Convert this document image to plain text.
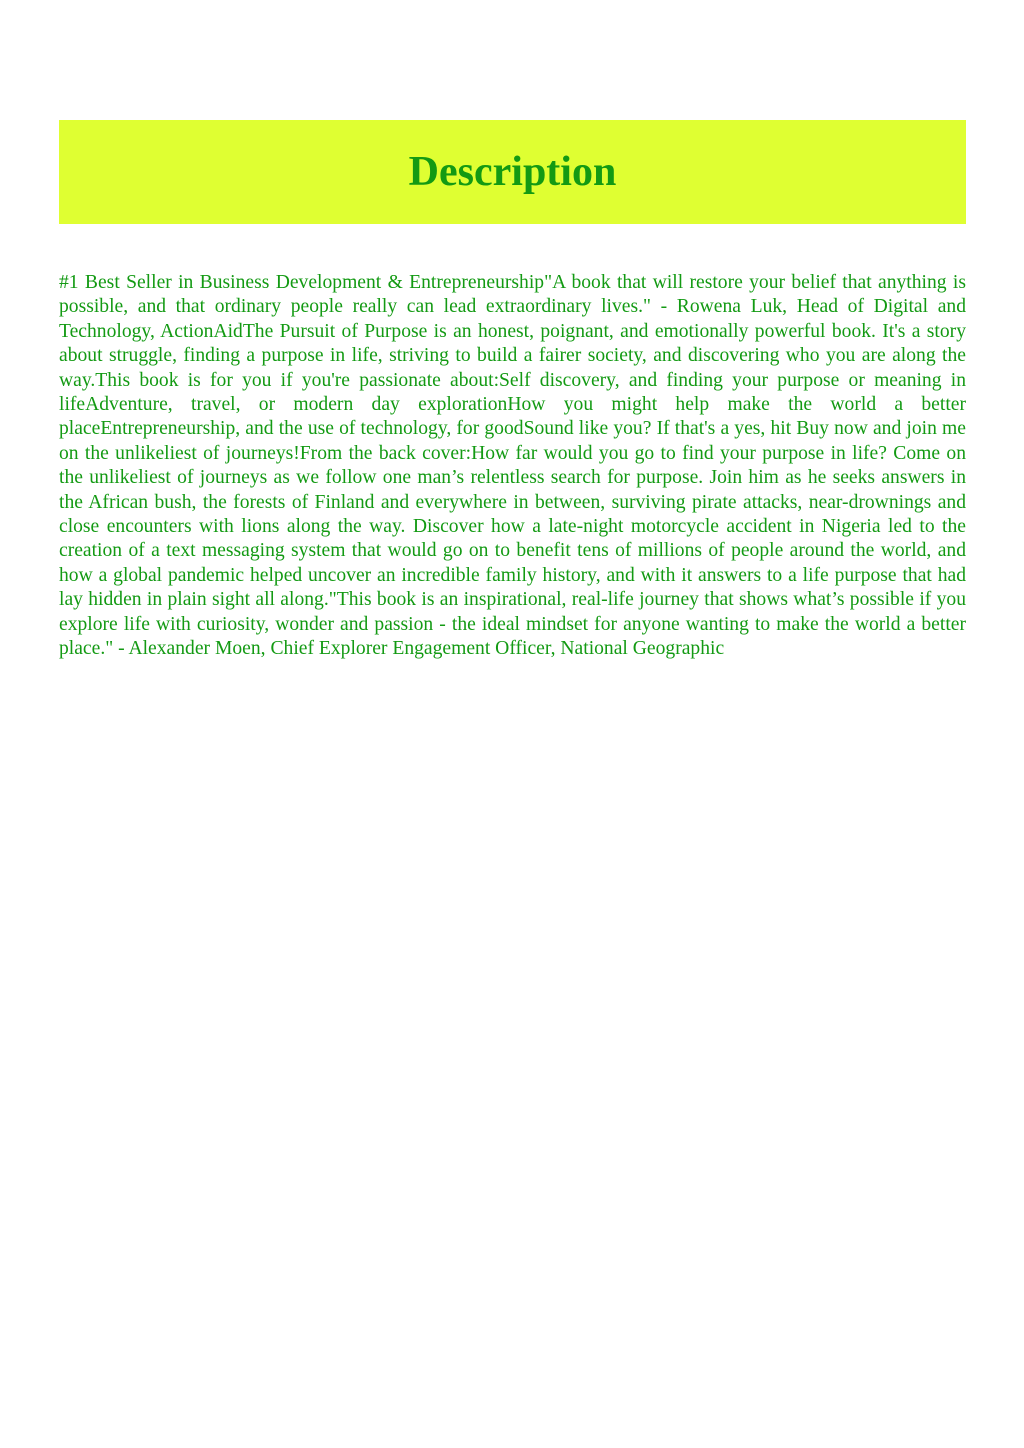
Description

#1 Best Seller in Business Development & Entrepreneurship"A book that will restore your belief that anything is possible, and that ordinary people really can lead extraordinary lives." - Rowena Luk, Head of Digital and Technology, ActionAidThe Pursuit of Purpose is an honest, poignant, and emotionally powerful book. It's a story about struggle, finding a purpose in life, striving to build a fairer society, and discovering who you are along the way.This book is for you if you're passionate about:Self discovery, and finding your purpose or meaning in lifeAdventure, travel, or modern day explorationHow you might help make the world a better placeEntrepreneurship, and the use of technology, for goodSound like you? If that's a yes, hit Buy now and join me on the unlikeliest of journeys!From the back cover:How far would you go to find your purpose in life? Come on the unlikeliest of journeys as we follow one man’s relentless search for purpose. Join him as he seeks answers in the African bush, the forests of Finland and everywhere in between, surviving pirate attacks, near-drownings and close encounters with lions along the way. Discover how a late-night motorcycle accident in Nigeria led to the creation of a text messaging system that would go on to benefit tens of millions of people around the world, and how a global pandemic helped uncover an incredible family history, and with it answers to a life purpose that had lay hidden in plain sight all along."This book is an inspirational, real-life journey that shows what’s possible if you explore life with curiosity, wonder and passion - the ideal mindset for anyone wanting to make the world a better place." - Alexander Moen, Chief Explorer Engagement Officer, National Geographic
